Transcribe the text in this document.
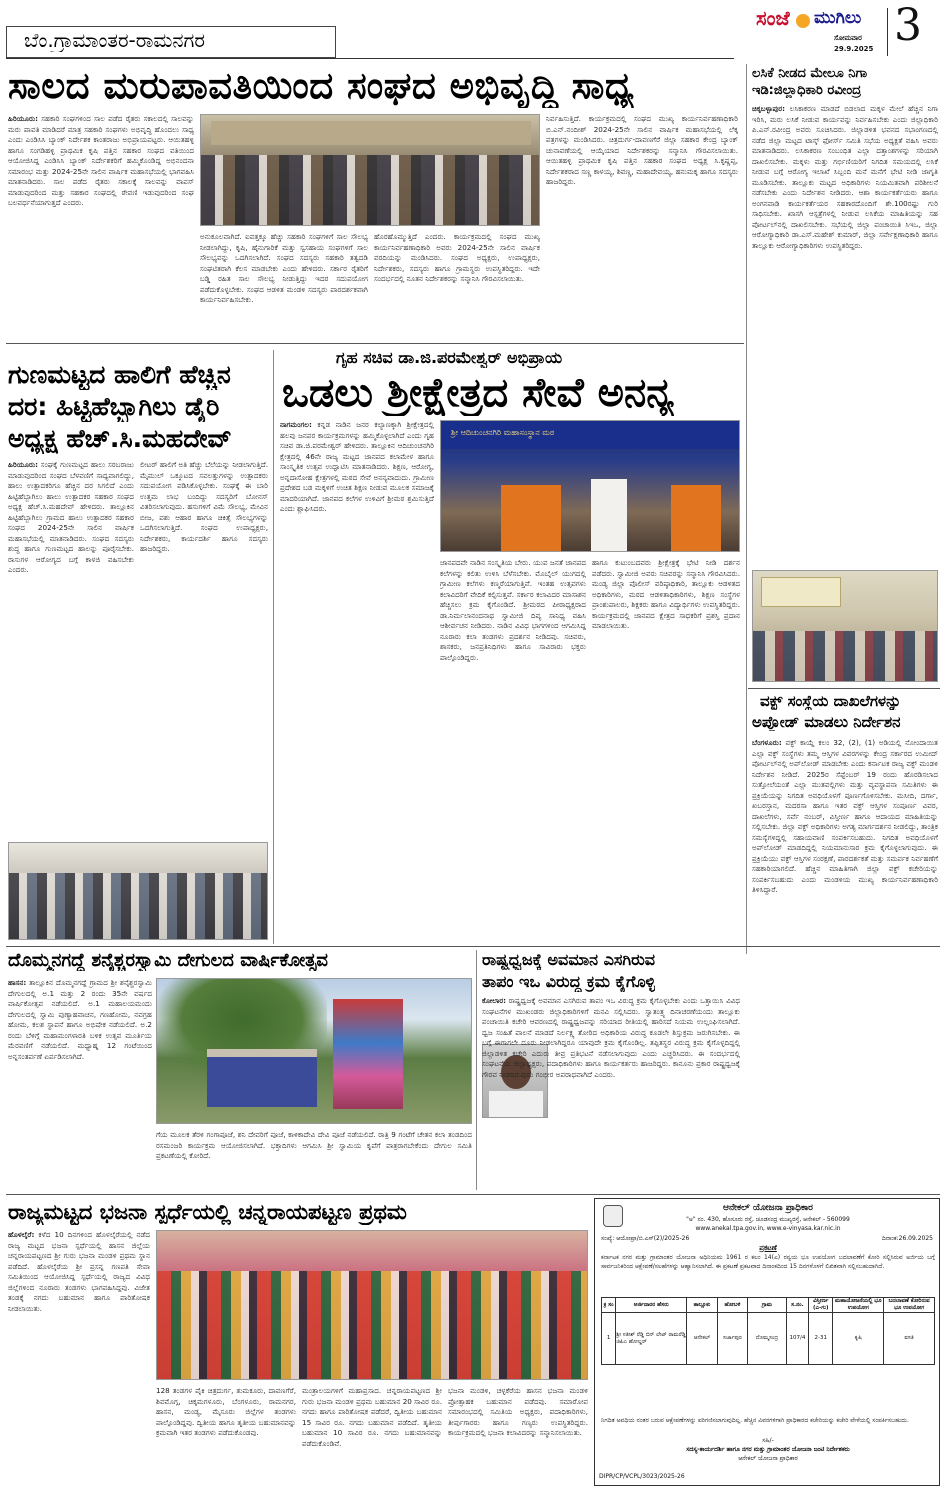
ಬೆಂ.ಗ್ರಾಮಾಂತರ-ರಾಮನಗರ
ಸಂಜೆ ಮುಗಿಲು
ಸೋಮವಾರ
29.9.2025 3
ಸಾಲದ ಮರುಪಾವತಿಯಿಂದ ಸಂಘದ ಅಭಿವೃದ್ಧಿ ಸಾಧ್ಯ
ಹಿರಿಯೂರು: ಸಹಕಾರಿ ಸಂಘಗಳಿಂದ ಸಾಲ ಪಡೆದ ರೈತರು ಸಕಾಲದಲ್ಲಿ ಸಾಲವನ್ನು ಮರು ಪಾವತಿ ಮಾಡಿದರೆ ಮಾತ್ರ ಸಹಕಾರಿ ಸಂಘಗಳು ಅಭಿವೃದ್ಧಿ ಹೊಂದಲು ಸಾಧ್ಯ ಎಂದು ಎಂಡಿಸಿಸಿ ಬ್ಯಾಂಕ್ ನಿರ್ದೇಶಕ ಕಾಂತರಾಜು ಅಭಿಪ್ರಾಯಪಟ್ಟರು. ಆಯಿತಹಳ್ಳಿ ಹಾಗೂ ಸಂಗಡಿಹಳ್ಳಿ ಪ್ರಾಥಮಿಕ ಕೃಷಿ ಪತ್ತಿನ ಸಹಕಾರ ಸಂಘದ ವತಿಯಿಂದ ಆಯೋಜಿಸಿದ್ದ ಎಂಡಿಸಿಸಿ ಬ್ಯಾಂಕ್ ನಿರ್ದೇಶಕರಿಗೆ ಹಮ್ಮಿಕೊಂಡಿದ್ದ ಅಭಿನಂದನಾ ಸಮಾರಂಭ ಮತ್ತು 2024-25ನೇ ಸಾಲಿನ ವಾರ್ಷಿಕ ಮಹಾಸಭೆಯಲ್ಲಿ ಭಾಗವಹಿಸಿ ಮಾತನಾಡಿದರು. ಸಾಲ ಪಡೆದ ರೈತರು ಸಕಾಲಕ್ಕೆ ಸಾಲವನ್ನು ವಾಪಸ್ ಮಾಡುವುದರಿಂದ ಮತ್ತು ಸಹಕಾರ ಸಂಘದಲ್ಲಿ ಠೇವಣಿ ಇಡುವುದರಿಂದ ಸಂಘ ಬಲವರ್ಧನೆಯಾಗುತ್ತದೆ ಎಂದರು.
ಅನುಕೂಲವಾಗಿದೆ. ಐವತ್ತಕ್ಕೂ ಹೆಚ್ಚು ಸಹಕಾರಿ ಸಂಘಗಳಿಗೆ ಸಾಲ ಸೌಲಭ್ಯ ನೀಡಲಾಗಿದ್ದು, ಕೃಷಿ, ಹೈನುಗಾರಿಕೆ ಮತ್ತು ಸ್ವಸಹಾಯ ಸಂಘಗಳಿಗೆ ಸಾಲ ಸೌಲಭ್ಯವನ್ನು ಒದಗಿಸಲಾಗಿದೆ. ಸಂಘದ ಸದಸ್ಯರು ಸಹಕಾರಿ ತತ್ವದಡಿ ಸಂಘಟಿತರಾಗಿ ಕೆಲಸ ಮಾಡಬೇಕು ಎಂದು ಹೇಳಿದರು. ಸರ್ಕಾರ ರೈತರಿಗೆ ಬಡ್ಡಿ ರಹಿತ ಸಾಲ ಸೌಲಭ್ಯ ನೀಡುತ್ತಿದ್ದು ಇದರ ಸದುಪಯೋಗ ಪಡೆದುಕೊಳ್ಳಬೇಕು. ಸಂಘದ ಆಡಳಿತ ಮಂಡಳಿ ಸದಸ್ಯರು ಪಾರದರ್ಶಕವಾಗಿ ಕಾರ್ಯನಿರ್ವಹಿಸಬೇಕು.
ಹೊರಹೊಮ್ಮುತ್ತಿದೆ ಎಂದರು. ಕಾರ್ಯಕ್ರಮದಲ್ಲಿ ಸಂಘದ ಮುಖ್ಯ ಕಾರ್ಯನಿರ್ವಹಣಾಧಿಕಾರಿ ಅವರು 2024-25ನೇ ಸಾಲಿನ ವಾರ್ಷಿಕ ವರದಿಯನ್ನು ಮಂಡಿಸಿದರು. ಸಂಘದ ಅಧ್ಯಕ್ಷರು, ಉಪಾಧ್ಯಕ್ಷರು, ನಿರ್ದೇಶಕರು, ಸದಸ್ಯರು ಹಾಗೂ ಗ್ರಾಮಸ್ಥರು ಉಪಸ್ಥಿತರಿದ್ದರು. ಇದೇ ಸಂದರ್ಭದಲ್ಲಿ ನೂತನ ನಿರ್ದೇಶಕರನ್ನು ಸನ್ಮಾನಿಸಿ ಗೌರವಿಸಲಾಯಿತು.
ನಿರ್ವಹಿಸುತ್ತಿದೆ. ಕಾರ್ಯಕ್ರಮದಲ್ಲಿ ಸಂಘದ ಮುಖ್ಯ ಕಾರ್ಯನಿರ್ವಹಣಾಧಿಕಾರಿ ಬಿ.ಎನ್.ನಂದೀಶ್ 2024-25ನೇ ಸಾಲಿನ ವಾರ್ಷಿಕ ಮಹಾಸಭೆಯಲ್ಲಿ ಲೆಕ್ಕ ಪತ್ರಗಳನ್ನು ಮಂಡಿಸಿದರು. ಚಿತ್ರದುರ್ಗ-ದಾವಣಗೆರೆ ಜಿಲ್ಲಾ ಸಹಕಾರ ಕೇಂದ್ರ ಬ್ಯಾಂಕ್ ಚುನಾವಣೆಯಲ್ಲಿ ಆಯ್ಕೆಯಾದ ನಿರ್ದೇಶಕರನ್ನು ಸನ್ಮಾನಿಸಿ ಗೌರವಿಸಲಾಯಿತು. ಆಯಿತಹಳ್ಳಿ ಪ್ರಾಥಮಿಕ ಕೃಷಿ ಪತ್ತಿನ ಸಹಕಾರ ಸಂಘದ ಅಧ್ಯಕ್ಷ ಸಿ.ಕೃಷ್ಣಪ್ಪ, ನಿರ್ದೇಶಕರಾದ ಸಣ್ಣ ಕಾಳಯ್ಯ, ಶಿವಣ್ಣ, ಮಹಾದೇವಯ್ಯ, ಹನುಮಕ್ಕ ಹಾಗೂ ಸದಸ್ಯರು ಹಾಜರಿದ್ದರು.
ಲಸಿಕೆ ನೀಡದ ಮೇಲೂ ನಿಗಾ
ಇಡಿ:ಜಿಲ್ಲಾಧಿಕಾರಿ ರವೀಂದ್ರ
ಚಿಕ್ಕಬಳ್ಳಾಪುರ: ಲಸಿಕಾಕರಣ ಮಾಡದೆ ಬಿಡಲಾದ ಮಕ್ಕಳ ಮೇಲೆ ಹೆಚ್ಚಿನ ನಿಗಾ ಇರಿಸಿ, ಮರು ಲಸಿಕೆ ನೀಡುವ ಕಾರ್ಯವನ್ನು ನಿರ್ವಹಿಸಬೇಕು ಎಂದು ಜಿಲ್ಲಾಧಿಕಾರಿ ಪಿ.ಎನ್.ರವೀಂದ್ರ ಅವರು ಸೂಚಿಸಿದರು. ಜಿಲ್ಲಾಡಳಿತ ಭವನದ ಸಭಾಂಗಣದಲ್ಲಿ ನಡೆದ ಜಿಲ್ಲಾ ಮಟ್ಟದ ಟಾಸ್ಕ್ ಫೋರ್ಸ್ ಸಮಿತಿ ಸಭೆಯ ಅಧ್ಯಕ್ಷತೆ ವಹಿಸಿ ಅವರು ಮಾತನಾಡಿದರು. ಲಸಿಕಾಕರಣ ಸಂಬಂಧಿತ ಎಲ್ಲಾ ದತ್ತಾಂಶಗಳನ್ನು ಸರಿಯಾಗಿ ದಾಖಲಿಸಬೇಕು. ಮಕ್ಕಳು ಮತ್ತು ಗರ್ಭಿಣಿಯರಿಗೆ ನಿಗದಿತ ಸಮಯದಲ್ಲಿ ಲಸಿಕೆ ನೀಡುವ ಬಗ್ಗೆ ಆರೋಗ್ಯ ಇಲಾಖೆ ಸಿಬ್ಬಂದಿ ಮನೆ ಮನೆಗೆ ಭೇಟಿ ನೀಡಿ ಜಾಗೃತಿ ಮೂಡಿಸಬೇಕು. ತಾಲ್ಲೂಕು ಮಟ್ಟದ ಅಧಿಕಾರಿಗಳು ನಿಯಮಿತವಾಗಿ ಪರಿಶೀಲನೆ ನಡೆಸಬೇಕು ಎಂದು ನಿರ್ದೇಶನ ನೀಡಿದರು. ಆಶಾ ಕಾರ್ಯಕರ್ತೆಯರು ಹಾಗೂ ಅಂಗನವಾಡಿ ಕಾರ್ಯಕರ್ತೆಯರ ಸಹಕಾರದೊಂದಿಗೆ ಶೇ.100ರಷ್ಟು ಗುರಿ ಸಾಧಿಸಬೇಕು. ಖಾಸಗಿ ಆಸ್ಪತ್ರೆಗಳಲ್ಲಿ ನೀಡುವ ಲಸಿಕೆಯ ಮಾಹಿತಿಯನ್ನು ಸಹ ಪೋರ್ಟಲ್‌ನಲ್ಲಿ ದಾಖಲಿಸಬೇಕು. ಸಭೆಯಲ್ಲಿ ಜಿಲ್ಲಾ ಪಂಚಾಯಿತಿ ಸಿಇಒ, ಜಿಲ್ಲಾ ಆರೋಗ್ಯಾಧಿಕಾರಿ ಡಾ.ಎಸ್.ಮಹೇಶ್ ಕುಮಾರ್, ಜಿಲ್ಲಾ ಸರ್ವೇಕ್ಷಣಾಧಿಕಾರಿ ಹಾಗೂ ತಾಲ್ಲೂಕು ಆರೋಗ್ಯಾಧಿಕಾರಿಗಳು ಉಪಸ್ಥಿತರಿದ್ದರು.
ವಕ್ಫ್ ಸಂಸ್ಥೆಯ ದಾಖಲೆಗಳನ್ನು
ಅಪ್ಲೋಡ್ ಮಾಡಲು ನಿರ್ದೇಶನ
ಬೆಂಗಳೂರು: ವಕ್ಫ್ ಕಾಯ್ದೆ ಕಲಂ 32, (2), (1) ಅಡಿಯಲ್ಲಿ ನೋಂದಾಯಿತ ಎಲ್ಲಾ ವಕ್ಫ್ ಸಂಸ್ಥೆಗಳು ತಮ್ಮ ಆಸ್ತಿಗಳ ವಿವರಗಳನ್ನು ಕೇಂದ್ರ ಸರ್ಕಾರದ ಉಮೀದ್ ಪೋರ್ಟಲ್‌ನಲ್ಲಿ ಅಪ್‌ಲೋಡ್ ಮಾಡಬೇಕು ಎಂದು ಕರ್ನಾಟಕ ರಾಜ್ಯ ವಕ್ಫ್ ಮಂಡಳಿ ನಿರ್ದೇಶನ ನೀಡಿದೆ. 2025ರ ಸೆಪ್ಟೆಂಬರ್ 19 ರಂದು ಹೊರಡಿಸಲಾದ ಸುತ್ತೋಲೆಯಂತೆ ಎಲ್ಲಾ ಮುತವಲ್ಲಿಗಳು ಮತ್ತು ವ್ಯವಸ್ಥಾಪನಾ ಸಮಿತಿಗಳು ಈ ಪ್ರಕ್ರಿಯೆಯನ್ನು ನಿಗದಿತ ಅವಧಿಯೊಳಗೆ ಪೂರ್ಣಗೊಳಿಸಬೇಕು. ಮಸೀದಿ, ದರ್ಗಾ, ಖಬರಸ್ತಾನ, ಮದರಸಾ ಹಾಗೂ ಇತರ ವಕ್ಫ್ ಆಸ್ತಿಗಳ ಸಂಪೂರ್ಣ ವಿವರ, ದಾಖಲೆಗಳು, ಸರ್ವೆ ನಂಬರ್, ವಿಸ್ತೀರ್ಣ ಹಾಗೂ ಆದಾಯದ ಮಾಹಿತಿಯನ್ನು ಸಲ್ಲಿಸಬೇಕು. ಜಿಲ್ಲಾ ವಕ್ಫ್ ಅಧಿಕಾರಿಗಳು ಅಗತ್ಯ ಮಾರ್ಗದರ್ಶನ ನೀಡಲಿದ್ದು, ತಾಂತ್ರಿಕ ಸಮಸ್ಯೆಗಳಿದ್ದಲ್ಲಿ ಸಹಾಯವಾಣಿ ಸಂಪರ್ಕಿಸಬಹುದು. ನಿಗದಿತ ಅವಧಿಯೊಳಗೆ ಅಪ್‌ಲೋಡ್ ಮಾಡದಿದ್ದಲ್ಲಿ ನಿಯಮಾನುಸಾರ ಕ್ರಮ ಕೈಗೊಳ್ಳಲಾಗುವುದು. ಈ ಪ್ರಕ್ರಿಯೆಯು ವಕ್ಫ್ ಆಸ್ತಿಗಳ ಸಂರಕ್ಷಣೆ, ಪಾರದರ್ಶಕತೆ ಮತ್ತು ಸಮರ್ಪಕ ನಿರ್ವಹಣೆಗೆ ಸಹಕಾರಿಯಾಗಲಿದೆ. ಹೆಚ್ಚಿನ ಮಾಹಿತಿಗಾಗಿ ಜಿಲ್ಲಾ ವಕ್ಫ್ ಕಚೇರಿಯನ್ನು ಸಂಪರ್ಕಿಸಬಹುದು ಎಂದು ಮಂಡಳಿಯ ಮುಖ್ಯ ಕಾರ್ಯನಿರ್ವಹಣಾಧಿಕಾರಿ ತಿಳಿಸಿದ್ದಾರೆ.
ಗುಣಮಟ್ಟದ ಹಾಲಿಗೆ ಹೆಚ್ಚಿನ
ದರ: ಹಿಟ್ಟಿಹೆಬ್ಬಾಗಿಲು ಡೈರಿ
ಅಧ್ಯಕ್ಷ ಹೆಚ್.ಸಿ.ಮಹದೇವ್
ಹಿರಿಯೂರು: ಸಂಘಕ್ಕೆ ಗುಣಮಟ್ಟದ ಹಾಲು ಸರಬರಾಜು ಮಾಡುವುದರಿಂದ ಸಂಘದ ಬೆಳವಣಿಗೆ ಸಾಧ್ಯವಾಗಲಿದ್ದು, ಹಾಲು ಉತ್ಪಾದಕರಿಗೂ ಹೆಚ್ಚಿನ ದರ ಸಿಗಲಿದೆ ಎಂದು ಹಿಟ್ಟಿಹೆಬ್ಬಾಗಿಲು ಹಾಲು ಉತ್ಪಾದಕರ ಸಹಕಾರ ಸಂಘದ ಅಧ್ಯಕ್ಷ ಹೆಚ್.ಸಿ.ಮಹದೇವ್ ಹೇಳಿದರು. ತಾಲ್ಲೂಕಿನ ಹಿಟ್ಟಿಹೆಬ್ಬಾಗಿಲು ಗ್ರಾಮದ ಹಾಲು ಉತ್ಪಾದಕರ ಸಹಕಾರ ಸಂಘದ 2024-25ನೇ ಸಾಲಿನ ವಾರ್ಷಿಕ ಮಹಾಸಭೆಯಲ್ಲಿ ಮಾತನಾಡಿದರು. ಸಂಘದ ಸದಸ್ಯರು ಶುದ್ಧ ಹಾಗೂ ಗುಣಮಟ್ಟದ ಹಾಲನ್ನು ಪೂರೈಸಬೇಕು. ರಾಸುಗಳ ಆರೋಗ್ಯದ ಬಗ್ಗೆ ಕಾಳಜಿ ವಹಿಸಬೇಕು ಎಂದರು.
ಲೀಟರ್ ಹಾಲಿಗೆ ಅತಿ ಹೆಚ್ಚು ಬೆಲೆಯನ್ನು ನೀಡಲಾಗುತ್ತಿದೆ. ಮೈಮುಲ್ ಒಕ್ಕೂಟದ ಸವಲತ್ತುಗಳನ್ನು ಉತ್ಪಾದಕರು ಸದುಪಯೋಗ ಪಡಿಸಿಕೊಳ್ಳಬೇಕು. ಸಂಘಕ್ಕೆ ಈ ಬಾರಿ ಉತ್ತಮ ಲಾಭ ಬಂದಿದ್ದು ಸದಸ್ಯರಿಗೆ ಬೋನಸ್ ವಿತರಿಸಲಾಗುವುದು. ಹಸುಗಳಿಗೆ ವಿಮೆ ಸೌಲಭ್ಯ, ಮೇವಿನ ಬೀಜ, ಪಶು ಆಹಾರ ಹಾಗೂ ಚಿಕಿತ್ಸೆ ಸೌಲಭ್ಯಗಳನ್ನು ಒದಗಿಸಲಾಗುತ್ತಿದೆ. ಸಂಘದ ಉಪಾಧ್ಯಕ್ಷರು, ನಿರ್ದೇಶಕರು, ಕಾರ್ಯದರ್ಶಿ ಹಾಗೂ ಸದಸ್ಯರು ಹಾಜರಿದ್ದರು.
ಗೃಹ ಸಚಿವ ಡಾ.ಜಿ.ಪರಮೇಶ್ವರ್ ಅಭಿಪ್ರಾಯ
ಒಡಲು ಶ್ರೀಕ್ಷೇತ್ರದ ಸೇವೆ ಅನನ್ಯ
ಶ್ರೀ ಆದಿಚುಂಚನಗಿರಿ ಮಹಾಸಂಸ್ಥಾನ ಮಠ
ನಾಗಮಂಗಲ: ಕನ್ನಡ ನಾಡಿನ ಜನರ ಕಲ್ಯಾಣಕ್ಕಾಗಿ ಶ್ರೀಕ್ಷೇತ್ರದಲ್ಲಿ ಹಲವು ಜನಪರ ಕಾರ್ಯಕ್ರಮಗಳನ್ನು ಹಮ್ಮಿಕೊಳ್ಳಲಾಗಿದೆ ಎಂದು ಗೃಹ ಸಚಿವ ಡಾ.ಜಿ.ಪರಮೇಶ್ವರ್ ಹೇಳಿದರು. ತಾಲ್ಲೂಕಿನ ಆದಿಚುಂಚನಗಿರಿ ಕ್ಷೇತ್ರದಲ್ಲಿ 46ನೇ ರಾಜ್ಯ ಮಟ್ಟದ ಜಾನಪದ ಕಲಾಮೇಳ ಹಾಗೂ ಸಾಂಸ್ಕೃತಿಕ ಉತ್ಸವ ಉದ್ಘಾಟಿಸಿ ಮಾತನಾಡಿದರು. ಶಿಕ್ಷಣ, ಆರೋಗ್ಯ, ಅನ್ನದಾಸೋಹ ಕ್ಷೇತ್ರಗಳಲ್ಲಿ ಮಠದ ಸೇವೆ ಅನನ್ಯವಾದುದು. ಗ್ರಾಮೀಣ ಪ್ರದೇಶದ ಬಡ ಮಕ್ಕಳಿಗೆ ಉಚಿತ ಶಿಕ್ಷಣ ನೀಡುವ ಮೂಲಕ ಸಮಾಜಕ್ಕೆ ಮಾದರಿಯಾಗಿದೆ. ಜಾನಪದ ಕಲೆಗಳ ಉಳಿವಿಗೆ ಶ್ರೀಮಠ ಶ್ರಮಿಸುತ್ತಿದೆ ಎಂದು ಶ್ಲಾಘಿಸಿದರು.
ಜಾನಪದವೇ ನಾಡಿನ ಸಂಸ್ಕೃತಿಯ ಬೇರು. ಯುವ ಜನತೆ ಜಾನಪದ ಕಲೆಗಳನ್ನು ಕಲಿತು ಉಳಿಸಿ ಬೆಳೆಸಬೇಕು. ಮೊಬೈಲ್ ಯುಗದಲ್ಲಿ ಗ್ರಾಮೀಣ ಕಲೆಗಳು ಕಣ್ಮರೆಯಾಗುತ್ತಿವೆ. ಇಂತಹ ಉತ್ಸವಗಳು ಕಲಾವಿದರಿಗೆ ವೇದಿಕೆ ಕಲ್ಪಿಸುತ್ತವೆ. ಸರ್ಕಾರ ಕಲಾವಿದರ ಮಾಸಾಶನ ಹೆಚ್ಚಿಸಲು ಕ್ರಮ ಕೈಗೊಂಡಿದೆ. ಶ್ರೀಮಠದ ಪೀಠಾಧ್ಯಕ್ಷರಾದ ಡಾ.ನಿರ್ಮಲಾನಂದನಾಥ ಸ್ವಾಮೀಜಿ ದಿವ್ಯ ಸಾನಿಧ್ಯ ವಹಿಸಿ ಆಶೀರ್ವಚನ ನೀಡಿದರು. ನಾಡಿನ ವಿವಿಧ ಭಾಗಗಳಿಂದ ಆಗಮಿಸಿದ್ದ ನೂರಾರು ಕಲಾ ತಂಡಗಳು ಪ್ರದರ್ಶನ ನೀಡಿದವು. ಸಚಿವರು, ಶಾಸಕರು, ಜನಪ್ರತಿನಿಧಿಗಳು ಹಾಗೂ ಸಾವಿರಾರು ಭಕ್ತರು ಪಾಲ್ಗೊಂಡಿದ್ದರು.
ಹಾಗೂ ಕುಟುಂಬದವರು ಶ್ರೀಕ್ಷೇತ್ರಕ್ಕೆ ಭೇಟಿ ನೀಡಿ ದರ್ಶನ ಪಡೆದರು. ಸ್ವಾಮೀಜಿ ಅವರು ಸಚಿವರನ್ನು ಸನ್ಮಾನಿಸಿ ಗೌರವಿಸಿದರು. ಮಂಡ್ಯ ಜಿಲ್ಲಾ ಪೊಲೀಸ್ ವರಿಷ್ಠಾಧಿಕಾರಿ, ತಾಲ್ಲೂಕು ಆಡಳಿತದ ಅಧಿಕಾರಿಗಳು, ಮಠದ ಆಡಳಿತಾಧಿಕಾರಿಗಳು, ಶಿಕ್ಷಣ ಸಂಸ್ಥೆಗಳ ಪ್ರಾಂಶುಪಾಲರು, ಶಿಕ್ಷಕರು ಹಾಗೂ ವಿದ್ಯಾರ್ಥಿಗಳು ಉಪಸ್ಥಿತರಿದ್ದರು. ಕಾರ್ಯಕ್ರಮದಲ್ಲಿ ಜಾನಪದ ಕ್ಷೇತ್ರದ ಸಾಧಕರಿಗೆ ಪ್ರಶಸ್ತಿ ಪ್ರದಾನ ಮಾಡಲಾಯಿತು.
ದೊಮ್ಮನಗದ್ದೆ ಶನೈಶ್ಚರಸ್ವಾಮಿ ದೇಗುಲದ ವಾರ್ಷಿಕೋತ್ಸವ
ಹಾಸನ: ತಾಲ್ಲೂಕಿನ ದೊಮ್ಮನಗದ್ದೆ ಗ್ರಾಮದ ಶ್ರೀ ಶನೈಶ್ಚರಸ್ವಾಮಿ ದೇಗುಲದಲ್ಲಿ ಅ.1 ಮತ್ತು 2 ರಂದು 35ನೇ ವರ್ಷದ ವಾರ್ಷಿಕೋತ್ಸವ ನಡೆಯಲಿದೆ. ಅ.1 ಮಹಾಲಯಮಂದು ದೇಗುಲದಲ್ಲಿ ಸ್ವಾಮಿ ಪುಣ್ಯಾಹವಾಚನ, ಗಣಹೋಮ, ನವಗ್ರಹ ಹೋಮ, ಕಲಶ ಸ್ಥಾಪನೆ ಹಾಗೂ ಅಭಿಷೇಕ ನಡೆಯಲಿದೆ. ಅ.2 ರಂದು ಬೆಳಿಗ್ಗೆ ಮಹಾಮಂಗಳಾರತಿ ಬಳಿಕ ಉತ್ಸವ ಮೂರ್ತಿಯ ಮೆರವಣಿಗೆ ನಡೆಯಲಿದೆ. ಮಧ್ಯಾಹ್ನ 12 ಗಂಟೆಯಿಂದ ಅನ್ನಸಂತರ್ಪಣೆ ಏರ್ಪಡಿಸಲಾಗಿದೆ.
ಗೆಯ ಮೂಲಕ ತೆರಳಿ ಗಂಗಾಪೂಜೆ, ಶನಿ ದೇವರಿಗೆ ಪೂಜೆ, ಕಾಳಿಕಾದೇವಿ ದೇವಿ ಪೂಜೆ ನಡೆಯಲಿದೆ. ರಾತ್ರಿ 9 ಗಂಟೆಗೆ ಚೇತನ ಕಲಾ ತಂಡದಿಂದ ರಸಮಂಜರಿ ಕಾರ್ಯಕ್ರಮ ಆಯೋಜಿಸಲಾಗಿದೆ. ಭಕ್ತಾದಿಗಳು ಆಗಮಿಸಿ ಶ್ರೀ ಸ್ವಾಮಿಯ ಕೃಪೆಗೆ ಪಾತ್ರರಾಗಬೇಕೆಂದು ದೇಗುಲ ಸಮಿತಿ ಪ್ರಕಟಣೆಯಲ್ಲಿ ಕೋರಿದೆ.
ರಾಷ್ಟ್ರಧ್ವಜಕ್ಕೆ ಅವಮಾನ ಎಸಗಿರುವ
ತಾಪಂ ಇಒ ವಿರುದ್ಧ ಕ್ರಮ ಕೈಗೊಳ್ಳಿ
ಕೋಲಾರ: ರಾಷ್ಟ್ರಧ್ವಜಕ್ಕೆ ಅವಮಾನ ಎಸಗಿರುವ ತಾಪಂ ಇಒ ವಿರುದ್ಧ ಕ್ರಮ ಕೈಗೊಳ್ಳಬೇಕು ಎಂದು ಒತ್ತಾಯಿಸಿ ವಿವಿಧ ಸಂಘಟನೆಗಳ ಮುಖಂಡರು ಜಿಲ್ಲಾಧಿಕಾರಿಗಳಿಗೆ ಮನವಿ ಸಲ್ಲಿಸಿದರು. ಸ್ವಾತಂತ್ರ್ಯ ದಿನಾಚರಣೆಯಂದು ತಾಲ್ಲೂಕು ಪಂಚಾಯಿತಿ ಕಚೇರಿ ಆವರಣದಲ್ಲಿ ರಾಷ್ಟ್ರಧ್ವಜವನ್ನು ಸರಿಯಾದ ರೀತಿಯಲ್ಲಿ ಹಾರಿಸದೆ ನಿಯಮ ಉಲ್ಲಂಘಿಸಲಾಗಿದೆ. ಧ್ವಜ ಸಂಹಿತೆ ಪಾಲನೆ ಮಾಡದೆ ನಿರ್ಲಕ್ಷ್ಯ ತೋರಿದ ಅಧಿಕಾರಿಯ ವಿರುದ್ಧ ಕೂಡಲೇ ಶಿಸ್ತುಕ್ರಮ ಜರುಗಿಸಬೇಕು. ಈ ಬಗ್ಗೆ ಈಗಾಗಲೇ ದೂರು ನೀಡಲಾಗಿದ್ದರೂ ಯಾವುದೇ ಕ್ರಮ ಕೈಗೊಂಡಿಲ್ಲ. ತಪ್ಪಿತಸ್ಥರ ವಿರುದ್ಧ ಕ್ರಮ ಕೈಗೊಳ್ಳದಿದ್ದಲ್ಲಿ ಜಿಲ್ಲಾಡಳಿತ ಕಚೇರಿ ಎದುರು ತೀವ್ರ ಪ್ರತಿಭಟನೆ ನಡೆಸಲಾಗುವುದು ಎಂದು ಎಚ್ಚರಿಸಿದರು. ಈ ಸಂದರ್ಭದಲ್ಲಿ ಸಂಘಟನೆಯ ಜಿಲ್ಲಾಧ್ಯಕ್ಷರು, ಪದಾಧಿಕಾರಿಗಳು ಹಾಗೂ ಕಾರ್ಯಕರ್ತರು ಹಾಜರಿದ್ದರು. ಕಾನೂನು ಪ್ರಕಾರ ರಾಷ್ಟ್ರಧ್ವಜಕ್ಕೆ ಗೌರವ ನೀಡದಿರುವುದು ಗಂಭೀರ ಅಪರಾಧವಾಗಿದೆ ಎಂದರು.
ರಾಜ್ಯಮಟ್ಟದ ಭಜನಾ ಸ್ಪರ್ಧೆಯಲ್ಲಿ ಚನ್ನರಾಯಪಟ್ಟಣ ಪ್ರಥಮ
ಹೊಳಲ್ಕೆರೆ: ಕಳೆದ 10 ದಿನಗಳಿಂದ ಹೊಳಲ್ಕೆರೆಯಲ್ಲಿ ನಡೆದ ರಾಜ್ಯ ಮಟ್ಟದ ಭಜನಾ ಸ್ಪರ್ಧೆಯಲ್ಲಿ ಹಾಸನ ಜಿಲ್ಲೆಯ ಚನ್ನರಾಯಪಟ್ಟಣದ ಶ್ರೀ ಗುರು ಭಜನಾ ಮಂಡಳಿ ಪ್ರಥಮ ಸ್ಥಾನ ಪಡೆದಿದೆ. ಹೊಳಲ್ಕೆರೆಯ ಶ್ರೀ ಪ್ರಸನ್ನ ಗಣಪತಿ ಸೇವಾ ಸಮಿತಿಯಿಂದ ಆಯೋಜಿಸಿದ್ದ ಸ್ಪರ್ಧೆಯಲ್ಲಿ ರಾಜ್ಯದ ವಿವಿಧ ಜಿಲ್ಲೆಗಳಿಂದ ನೂರಾರು ತಂಡಗಳು ಭಾಗವಹಿಸಿದ್ದವು. ವಿಜೇತ ತಂಡಕ್ಕೆ ನಗದು ಬಹುಮಾನ ಹಾಗೂ ಪಾರಿತೋಷಕ ನೀಡಲಾಯಿತು.
128 ತಂಡಗಳ ಪೈಕಿ ಚಿತ್ರದುರ್ಗ, ತುಮಕೂರು, ದಾವಣಗೆರೆ, ಶಿವಮೊಗ್ಗ, ಚಿಕ್ಕಮಗಳೂರು, ಬೆಂಗಳೂರು, ರಾಮನಗರ, ಹಾಸನ, ಮಂಡ್ಯ, ಮೈಸೂರು ಜಿಲ್ಲೆಗಳ ತಂಡಗಳು ಪಾಲ್ಗೊಂಡಿದ್ದವು. ದ್ವಿತೀಯ ಹಾಗೂ ತೃತೀಯ ಬಹುಮಾನವನ್ನು ಕ್ರಮವಾಗಿ ಇತರ ತಂಡಗಳು ಪಡೆದುಕೊಂಡವು.
ಮಂತ್ರಾಲಯಗಳಿಗೆ ಮಹಾಪ್ರಸಾದ. ಚನ್ನರಾಯಪಟ್ಟಣದ ಶ್ರೀ ಗುರು ಭಜನಾ ಮಂಡಳಿ ಪ್ರಥಮ ಬಹುಮಾನ 20 ಸಾವಿರ ರೂ. ನಗದು ಹಾಗೂ ಪಾರಿತೋಷಕ ಪಡೆದರೆ, ದ್ವಿತೀಯ ಬಹುಮಾನ 15 ಸಾವಿರ ರೂ. ನಗದು ಬಹುಮಾನ ಪಡೆದಿದೆ. ತೃತೀಯ ಬಹುಮಾನ 10 ಸಾವಿರ ರೂ. ನಗದು ಬಹುಮಾನವನ್ನು ಪಡೆದುಕೊಂಡಿವೆ.
ಭಜನಾ ಮಂಡಳಿ, ಚಳ್ಳಕೆರೆಯ ಹಾಸನ ಭಜನಾ ಮಂಡಳಿ ಪ್ರೋತ್ಸಾಹಕ ಬಹುಮಾನ ಪಡೆದವು. ಸಮಾರೋಪ ಸಮಾರಂಭದಲ್ಲಿ ಸಮಿತಿಯ ಅಧ್ಯಕ್ಷರು, ಪದಾಧಿಕಾರಿಗಳು, ತೀರ್ಪುಗಾರರು ಹಾಗೂ ಗಣ್ಯರು ಉಪಸ್ಥಿತರಿದ್ದರು. ಕಾರ್ಯಕ್ರಮದಲ್ಲಿ ಭಜನಾ ಕಲಾವಿದರನ್ನು ಸನ್ಮಾನಿಸಲಾಯಿತು.
ಆನೇಕಲ್ ಯೋಜನಾ ಪ್ರಾಧಿಕಾರ
"ಅ" ನಂ. 430, ಹೊಸೂರು ರಸ್ತೆ, ಚೂಡಸಂದ್ರ ಮುಖ್ಯರಸ್ತೆ, ಆನೇಕಲ್ - 560099
www.anekal.tpa.gov.in, www.e-vinyasa.kar.nic.in
ಸಂಖ್ಯೆ: ಆಯೋಪ್ರಾ/ಬಿ.ಎಸ್(2)/2025-26	ದಿನಾಂಕ:26.09.2025
ಪ್ರಕಟಣೆ
ಕರ್ನಾಟಕ ನಗರ ಮತ್ತು ಗ್ರಾಮಾಂತರ ಯೋಜನಾ ಅಧಿನಿಯಮ 1961 ರ ಕಲಂ 14(ಎ) ರನ್ವಯ ಭೂ ಉಪಯೋಗ ಬದಲಾವಣೆಗೆ ಕೋರಿ ಸಲ್ಲಿಸಿರುವ ಅರ್ಜಿಯ ಬಗ್ಗೆ ಸಾರ್ವಜನಿಕರಿಂದ ಆಕ್ಷೇಪಣೆ/ಸಲಹೆಗಳನ್ನು ಆಹ್ವಾನಿಸಲಾಗಿದೆ. ಈ ಪ್ರಕಟಣೆ ಪ್ರಕಟವಾದ ದಿನಾಂಕದಿಂದ 15 ದಿನಗಳೊಳಗೆ ಲಿಖಿತವಾಗಿ ಸಲ್ಲಿಸಬಹುದಾಗಿದೆ.
ಕ್ರ ಸಂ	ಅರ್ಜಿದಾರರ ಹೆಸರು	ತಾಲ್ಲೂಕು	ಹೋಬಳಿ	ಗ್ರಾಮ	ಸ.ನಂ.	ವಿಸ್ತೀರ್ಣ (ಎ-ಗು)	ಮಹಾಯೋಜನೆಯಲ್ಲಿ ಭೂ ಉಪಯೋಗ	ಬದಲಾವಣೆ ಕೋರಿರುವ ಭೂ ಉಪಯೋಗ
1	ಶ್ರೀ ಸತೀಶ್ ರೆಡ್ಡಿ ಬಿನ್ ಲೇಟ್ ರಾಮರೆಡ್ಡಿ ಜಿಪಿಎ ಹೋಲ್ಡರ್	ಆನೇಕಲ್	ಸರ್ಜಾಪುರ	ದೊಮ್ಮಸಂದ್ರ	107/4	2-31	ಕೃಷಿ	ವಸತಿ
ನಿಗದಿತ ಅವಧಿಯ ನಂತರ ಬರುವ ಆಕ್ಷೇಪಣೆಗಳನ್ನು ಪರಿಗಣಿಸಲಾಗುವುದಿಲ್ಲ. ಹೆಚ್ಚಿನ ವಿವರಗಳಿಗಾಗಿ ಪ್ರಾಧಿಕಾರದ ಕಚೇರಿಯನ್ನು ಕಚೇರಿ ವೇಳೆಯಲ್ಲಿ ಸಂಪರ್ಕಿಸಬಹುದು.
ಸಹಿ/-
ಸದಸ್ಯ-ಕಾರ್ಯದರ್ಶಿ ಹಾಗೂ ನಗರ ಮತ್ತು ಗ್ರಾಮಾಂತರ ಯೋಜನಾ ಜಂಟಿ ನಿರ್ದೇಶಕರು
ಆನೇಕಲ್ ಯೋಜನಾ ಪ್ರಾಧಿಕಾರ
DIPR/CP/VCPL/3023/2025-26
